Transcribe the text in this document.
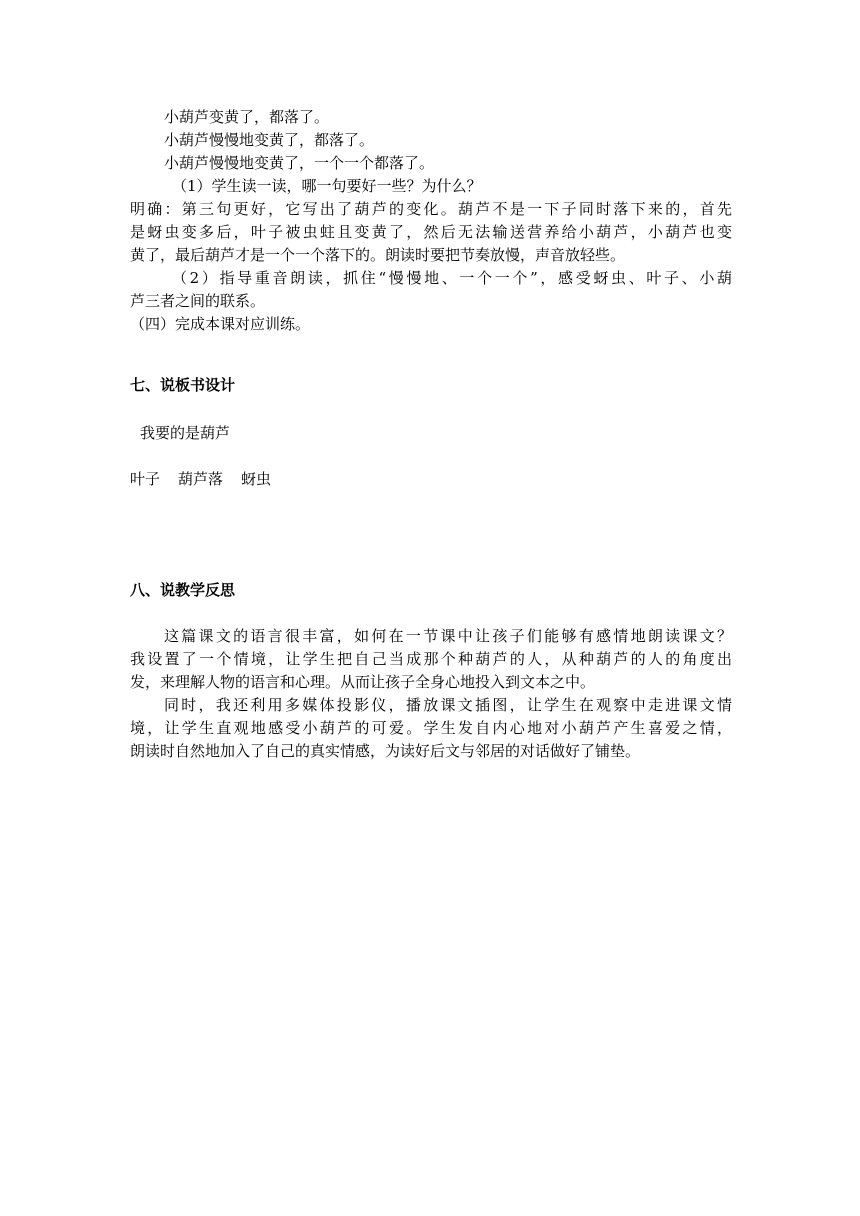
小葫芦变黄了，都落了。
小葫芦慢慢地变黄了，都落了。
小葫芦慢慢地变黄了，一个一个都落了。
（1）学生读一读，哪一句要好一些？为什么？
明确：第三句更好，它写出了葫芦的变化。葫芦不是一下子同时落下来的，首先
是蚜虫变多后，叶子被虫蛀且变黄了，然后无法输送营养给小葫芦，小葫芦也变
黄了，最后葫芦才是一个一个落下的。朗读时要把节奏放慢，声音放轻些。
（2）指导重音朗读，抓住“慢慢地、一个一个”，感受蚜虫、叶子、小葫
芦三者之间的联系。
（四）完成本课对应训练。
七、说板书设计
我要的是葫芦
叶子 葫芦落 蚜虫
八、说教学反思
这篇课文的语言很丰富，如何在一节课中让孩子们能够有感情地朗读课文？
我设置了一个情境，让学生把自己当成那个种葫芦的人，从种葫芦的人的角度出
发，来理解人物的语言和心理。从而让孩子全身心地投入到文本之中。
同时，我还利用多媒体投影仪，播放课文插图，让学生在观察中走进课文情
境，让学生直观地感受小葫芦的可爱。学生发自内心地对小葫芦产生喜爱之情，
朗读时自然地加入了自己的真实情感，为读好后文与邻居的对话做好了铺垫。
